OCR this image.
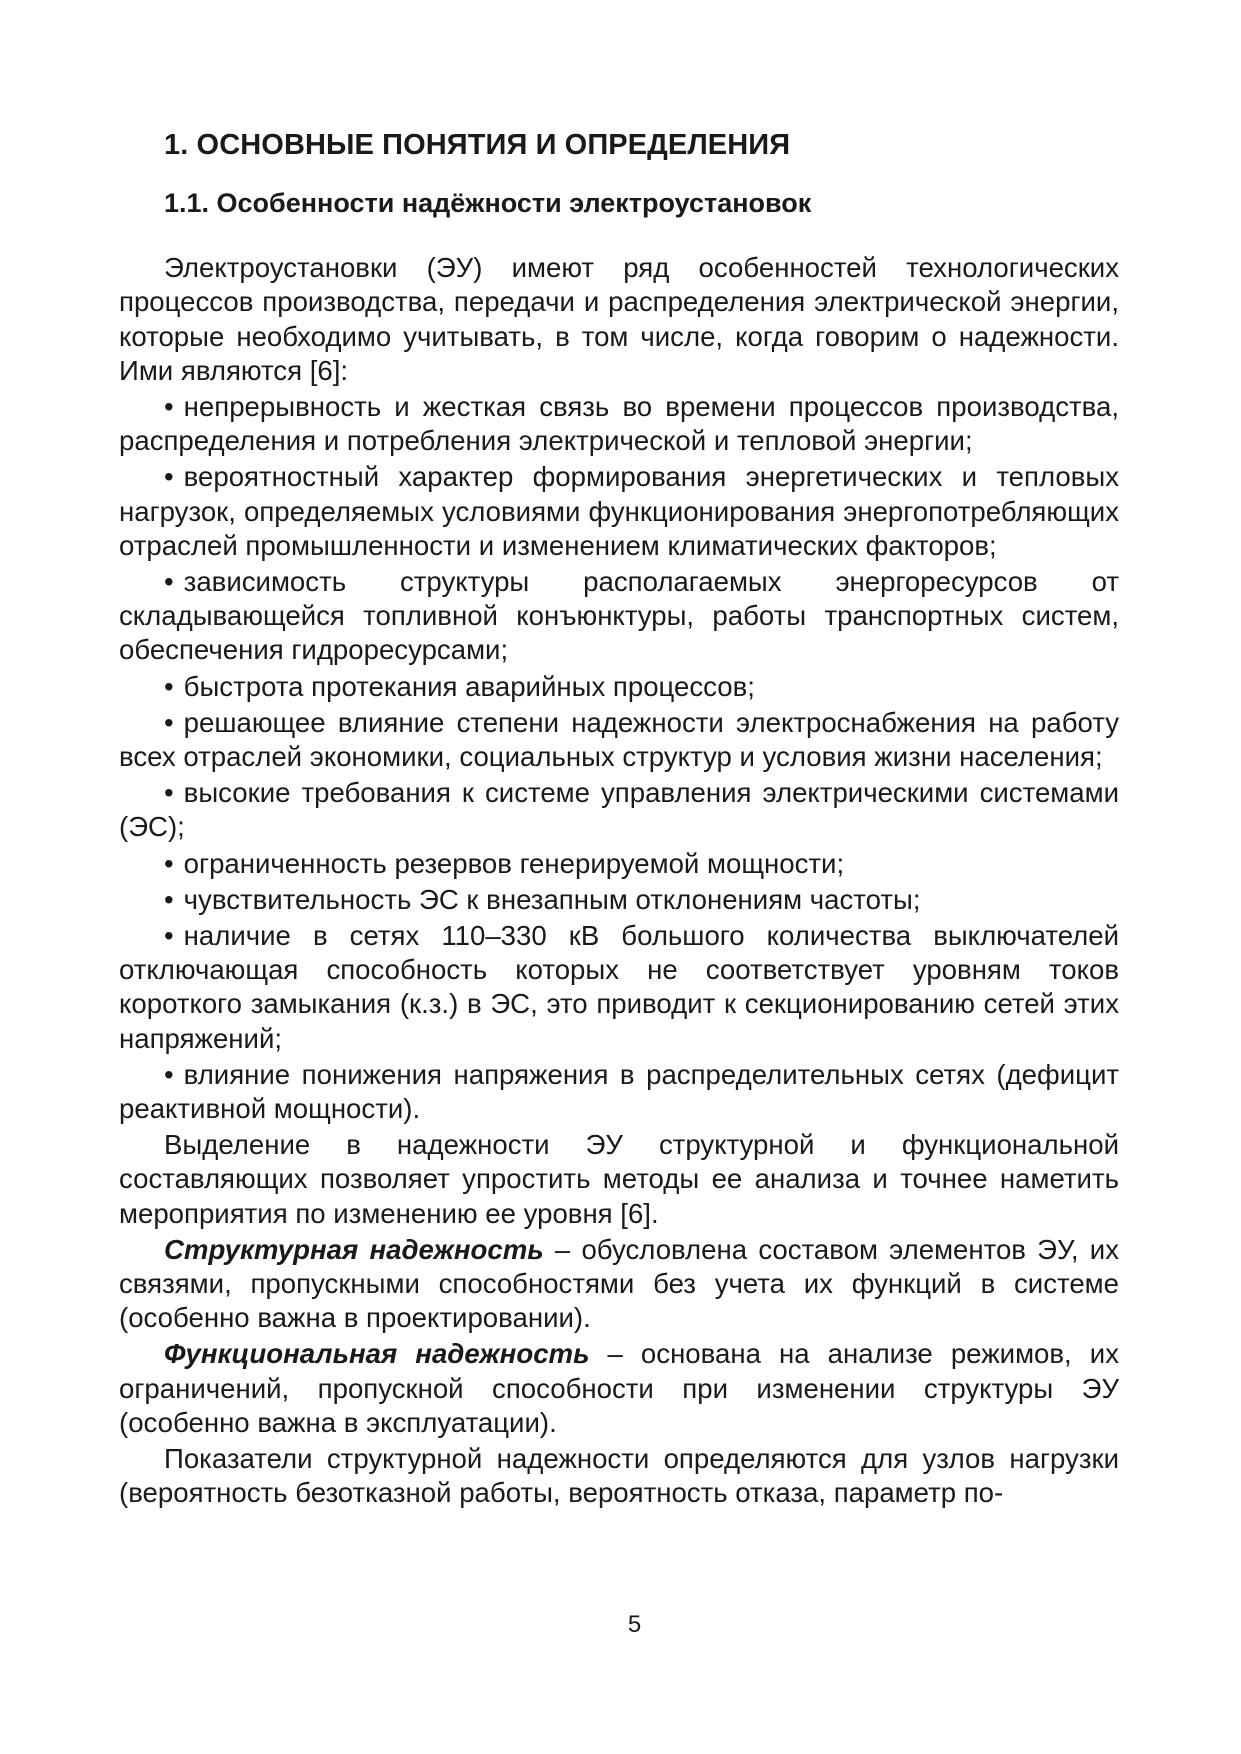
1. ОСНОВНЫЕ ПОНЯТИЯ И ОПРЕДЕЛЕНИЯ
1.1. Особенности надёжности электроустановок

Электроустановки (ЭУ) имеют ряд особенностей технологических процессов производства, передачи и распределения электрической энергии, которые необходимо учитывать, в том числе, когда говорим о надежности. Ими являются [6]:

• непрерывность и жесткая связь во времени процессов производства, распределения и потребления электрической и тепловой энергии;

• вероятностный характер формирования энергетических и тепловых нагрузок, определяемых условиями функционирования энергопотребляющих отраслей промышленности и изменением климатических факторов;

• зависимость структуры располагаемых энергоресурсов от складывающейся топливной конъюнктуры, работы транспортных систем, обеспечения гидроресурсами;

• быстрота протекания аварийных процессов;

• решающее влияние степени надежности электроснабжения на работу всех отраслей экономики, социальных структур и условия жизни населения;

• высокие требования к системе управления электрическими системами (ЭС);

• ограниченность резервов генерируемой мощности;

• чувствительность ЭС к внезапным отклонениям частоты;

• наличие в сетях 110–330 кВ большого количества выключателей отключающая способность которых не соответствует уровням токов короткого замыкания (к.з.) в ЭС, это приводит к секционированию сетей этих напряжений;

• влияние понижения напряжения в распределительных сетях (дефицит реактивной мощности).

Выделение в надежности ЭУ структурной и функциональной составляющих позволяет упростить методы ее анализа и точнее наметить мероприятия по изменению ее уровня [6].

Структурная надежность – обусловлена составом элементов ЭУ, их связями, пропускными способностями без учета их функций в системе (особенно важна в проектировании).

Функциональная надежность – основана на анализе режимов, их ограничений, пропускной способности при изменении структуры ЭУ (особенно важна в эксплуатации).

Показатели структурной надежности определяются для узлов нагрузки (вероятность безотказной работы, вероятность отказа, параметр по-

5
